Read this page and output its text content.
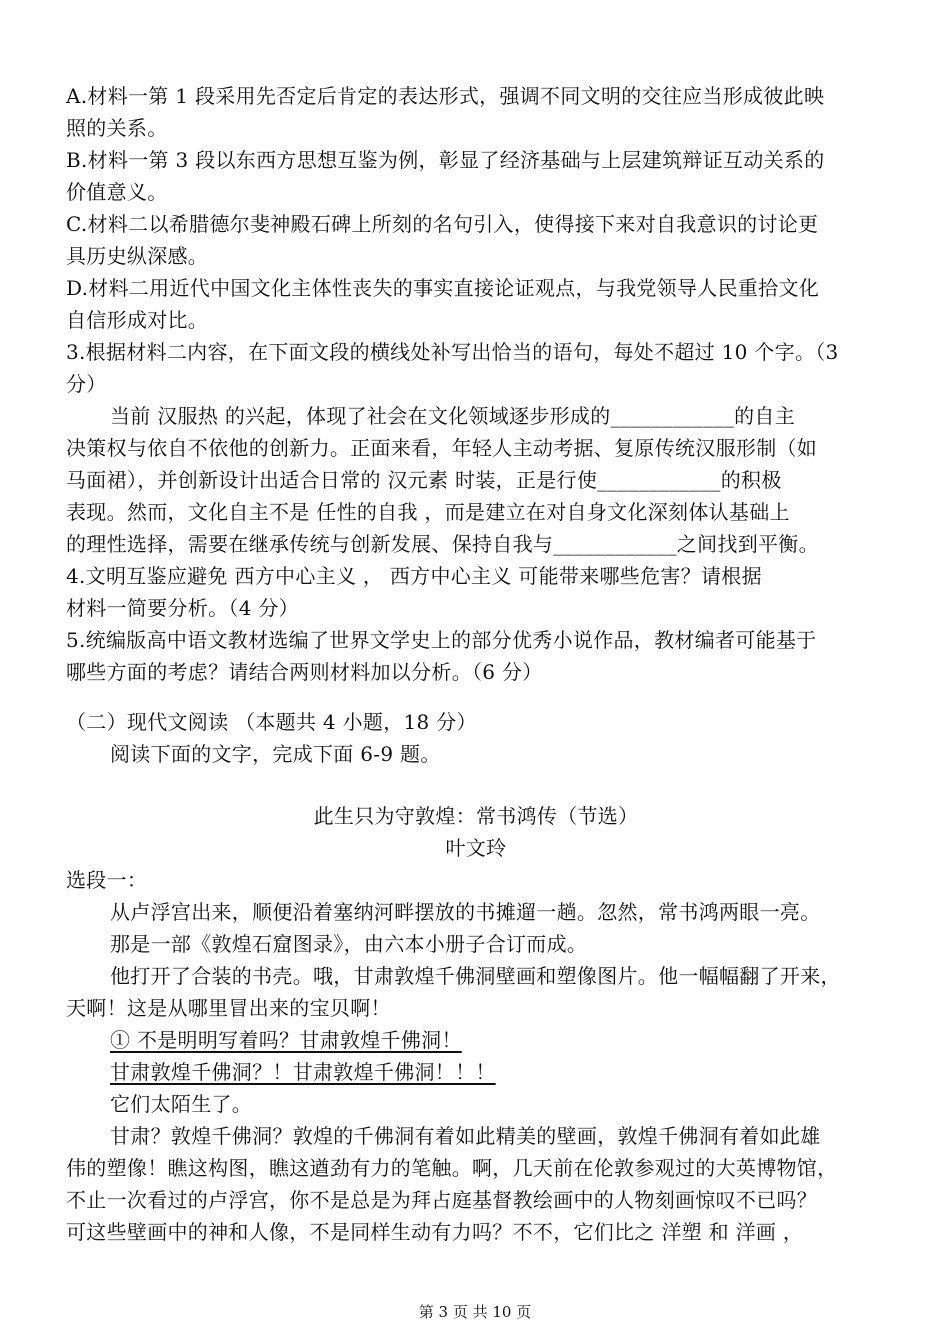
A.材料一第 1 段采用先否定后肯定的表达形式，强调不同文明的交往应当形成彼此映
照的关系。
B.材料一第 3 段以东西方思想互鉴为例，彰显了经济基础与上层建筑辩证互动关系的
价值意义。
C.材料二以希腊德尔斐神殿石碑上所刻的名句引入，使得接下来对自我意识的讨论更
具历史纵深感。
D.材料二用近代中国文化主体性丧失的事实直接论证观点，与我党领导人民重拾文化
自信形成对比。
3.根据材料二内容，在下面文段的横线处补写出恰当的语句，每处不超过 10 个字。（3
分）
当前 汉服热 的兴起，体现了社会在文化领域逐步形成的____________的自主
决策权与依自不依他的创新力。正面来看，年轻人主动考据、复原传统汉服形制（如
马面裙），并创新设计出适合日常的 汉元素 时装，正是行使____________的积极
表现。然而，文化自主不是 任性的自我 ，而是建立在对自身文化深刻体认基础上
的理性选择，需要在继承传统与创新发展、保持自我与____________之间找到平衡。
4.文明互鉴应避免 西方中心主义 ， 西方中心主义 可能带来哪些危害？请根据
材料一简要分析。（4 分）
5.统编版高中语文教材选编了世界文学史上的部分优秀小说作品，教材编者可能基于
哪些方面的考虑？请结合两则材料加以分析。（6 分）
（二）现代文阅读 （本题共 4 小题，18 分）
阅读下面的文字，完成下面 6-9 题。
此生只为守敦煌：常书鸿传（节选）
叶文玲
选段一：
从卢浮宫出来，顺便沿着塞纳河畔摆放的书摊遛一趟。忽然，常书鸿两眼一亮。
那是一部《敦煌石窟图录》，由六本小册子合订而成。
他打开了合装的书壳。哦，甘肃敦煌千佛洞壁画和塑像图片。他一幅幅翻了开来，
天啊！这是从哪里冒出来的宝贝啊！
① 不是明明写着吗？甘肃敦煌千佛洞！
甘肃敦煌千佛洞？！甘肃敦煌千佛洞！！！
它们太陌生了。
甘肃？敦煌千佛洞？敦煌的千佛洞有着如此精美的壁画，敦煌千佛洞有着如此雄
伟的塑像！瞧这构图，瞧这遒劲有力的笔触。啊，几天前在伦敦参观过的大英博物馆，
不止一次看过的卢浮宫，你不是总是为拜占庭基督教绘画中的人物刻画惊叹不已吗？
可这些壁画中的神和人像，不是同样生动有力吗？不不，它们比之 洋塑 和 洋画 ，
第 3 页 共 10 页
